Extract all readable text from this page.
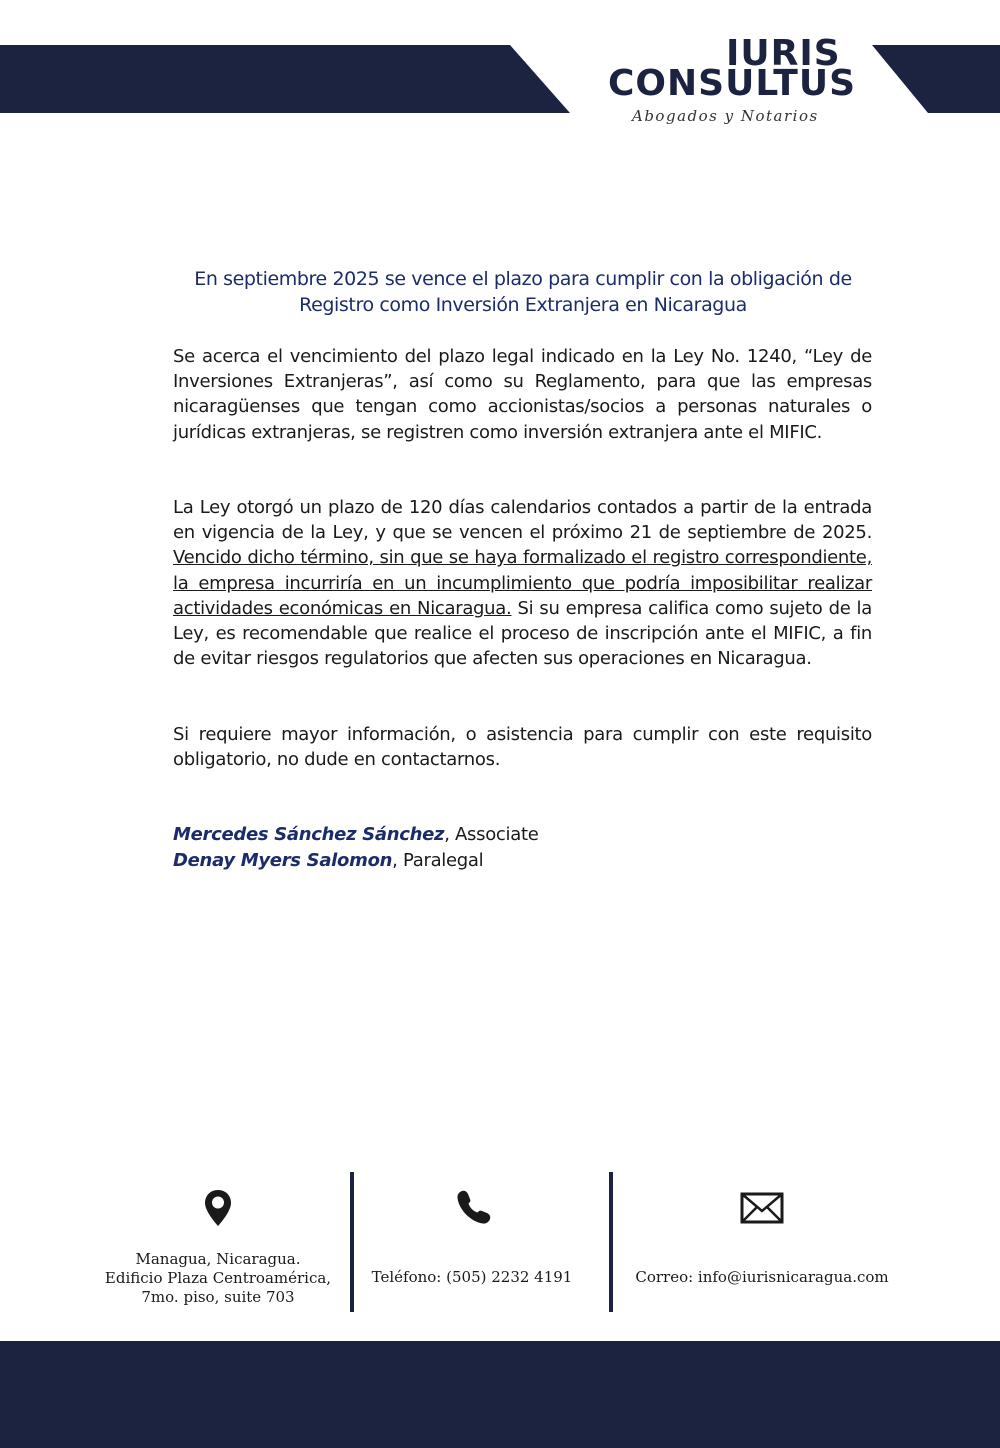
IURIS
CONSULTUS
Abogados y Notarios
En septiembre 2025 se vence el plazo para cumplir con la obligación de
Registro como Inversión Extranjera en Nicaragua

Se acerca el vencimiento del plazo legal indicado en la Ley No. 1240, “Ley de Inversiones Extranjeras”, así como su Reglamento, para que las empresas nicaragüenses que tengan como accionistas/socios a personas naturales o jurídicas extranjeras, se registren como inversión extranjera ante el MIFIC.

La Ley otorgó un plazo de 120 días calendarios contados a partir de la entrada en vigencia de la Ley, y que se vencen el próximo 21 de septiembre de 2025. Vencido dicho término, sin que se haya formalizado el registro correspondiente, la empresa incurriría en un incumplimiento que podría imposibilitar realizar actividades económicas en Nicaragua. Si su empresa califica como sujeto de la Ley, es recomendable que realice el proceso de inscripción ante el MIFIC, a fin de evitar riesgos regulatorios que afecten sus operaciones en Nicaragua.

Si requiere mayor información, o asistencia para cumplir con este requisito obligatorio, no dude en contactarnos.

Mercedes Sánchez Sánchez, Associate
Denay Myers Salomon, Paralegal
Managua, Nicaragua.
Edificio Plaza Centroamérica,
7mo. piso, suite 703
Teléfono: (505) 2232 4191	Correo: info@iurisnicaragua.com
